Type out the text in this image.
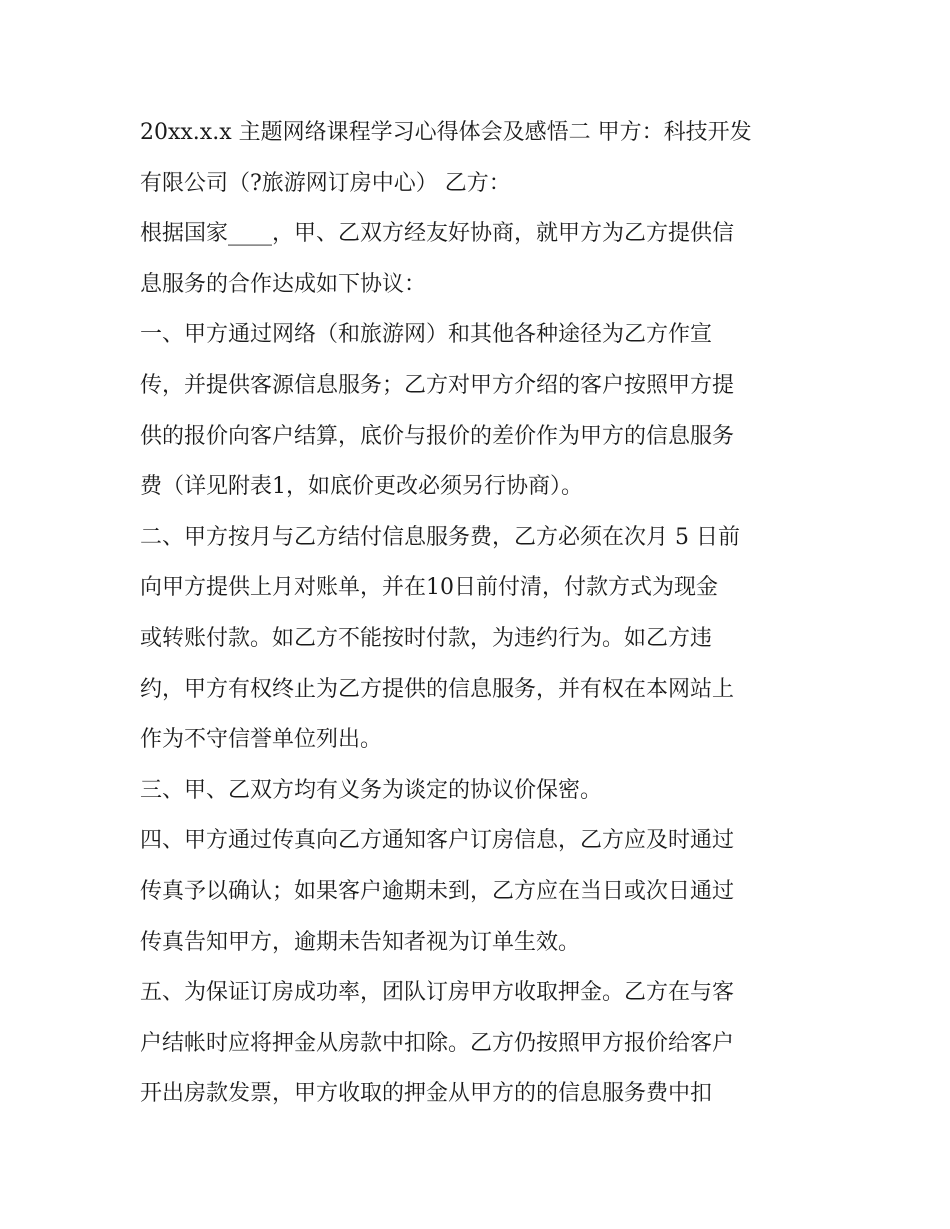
20xx.x.x 主题网络课程学习心得体会及感悟二 甲方：科技开发
有限公司（?旅游网订房中心） 乙方：
根据国家____，甲、乙双方经友好协商，就甲方为乙方提供信
息服务的合作达成如下协议：
一、甲方通过网络（和旅游网）和其他各种途径为乙方作宣
传，并提供客源信息服务；乙方对甲方介绍的客户按照甲方提
供的报价向客户结算，底价与报价的差价作为甲方的信息服务
费（详见附表1，如底价更改必须另行协商）。
二、甲方按月与乙方结付信息服务费，乙方必须在次月 5 日前
向甲方提供上月对账单，并在10日前付清，付款方式为现金
或转账付款。如乙方不能按时付款，为违约行为。如乙方违
约，甲方有权终止为乙方提供的信息服务，并有权在本网站上
作为不守信誉单位列出。
三、甲、乙双方均有义务为谈定的协议价保密。
四、甲方通过传真向乙方通知客户订房信息，乙方应及时通过
传真予以确认；如果客户逾期未到，乙方应在当日或次日通过
传真告知甲方，逾期未告知者视为订单生效。
五、为保证订房成功率，团队订房甲方收取押金。乙方在与客
户结帐时应将押金从房款中扣除。乙方仍按照甲方报价给客户
开出房款发票，甲方收取的押金从甲方的的信息服务费中扣
